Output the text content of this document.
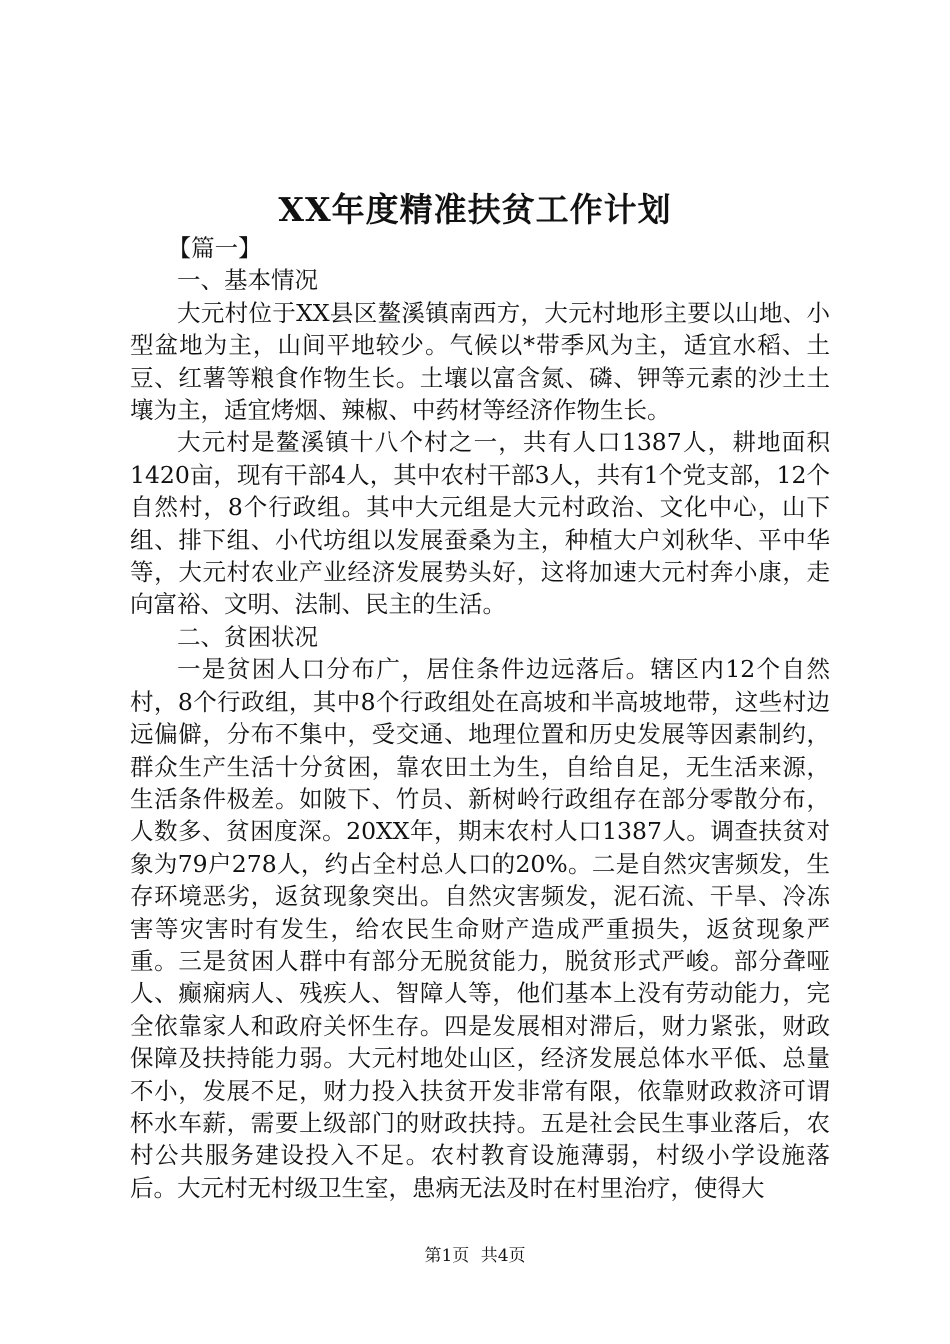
XX年度精准扶贫工作计划

【篇一】

一、基本情况

大元村位于XX县区鳌溪镇南西方，大元村地形主要以山地、小型盆地为主，山间平地较少。气候以*带季风为主，适宜水稻、土豆、红薯等粮食作物生长。土壤以富含氮、磷、钾等元素的沙土土壤为主，适宜烤烟、辣椒、中药材等经济作物生长。

大元村是鳌溪镇十八个村之一，共有人口1387人，耕地面积1420亩，现有干部4人，其中农村干部3人，共有1个党支部，12个自然村，8个行政组。其中大元组是大元村政治、文化中心，山下组、排下组、小代坊组以发展蚕桑为主，种植大户刘秋华、平中华等，大元村农业产业经济发展势头好，这将加速大元村奔小康，走向富裕、文明、法制、民主的生活。

二、贫困状况

一是贫困人口分布广，居住条件边远落后。辖区内12个自然村，8个行政组，其中8个行政组处在高坡和半高坡地带，这些村边远偏僻，分布不集中，受交通、地理位置和历史发展等因素制约，群众生产生活十分贫困，靠农田土为生，自给自足，无生活来源，生活条件极差。如陂下、竹员、新树岭行政组存在部分零散分布，人数多、贫困度深。20XX年，期末农村人口1387人。调查扶贫对象为79户278人，约占全村总人口的20%。二是自然灾害频发，生存环境恶劣，返贫现象突出。自然灾害频发，泥石流、干旱、冷冻害等灾害时有发生，给农民生命财产造成严重损失，返贫现象严重。三是贫困人群中有部分无脱贫能力，脱贫形式严峻。部分聋哑人、癫痫病人、残疾人、智障人等，他们基本上没有劳动能力，完全依靠家人和政府关怀生存。四是发展相对滞后，财力紧张，财政保障及扶持能力弱。大元村地处山区，经济发展总体水平低、总量不小，发展不足，财力投入扶贫开发非常有限，依靠财政救济可谓杯水车薪，需要上级部门的财政扶持。五是社会民生事业落后，农村公共服务建设投入不足。农村教育设施薄弱，村级小学设施落后。大元村无村级卫生室，患病无法及时在村里治疗，使得大

第1页 共4页
